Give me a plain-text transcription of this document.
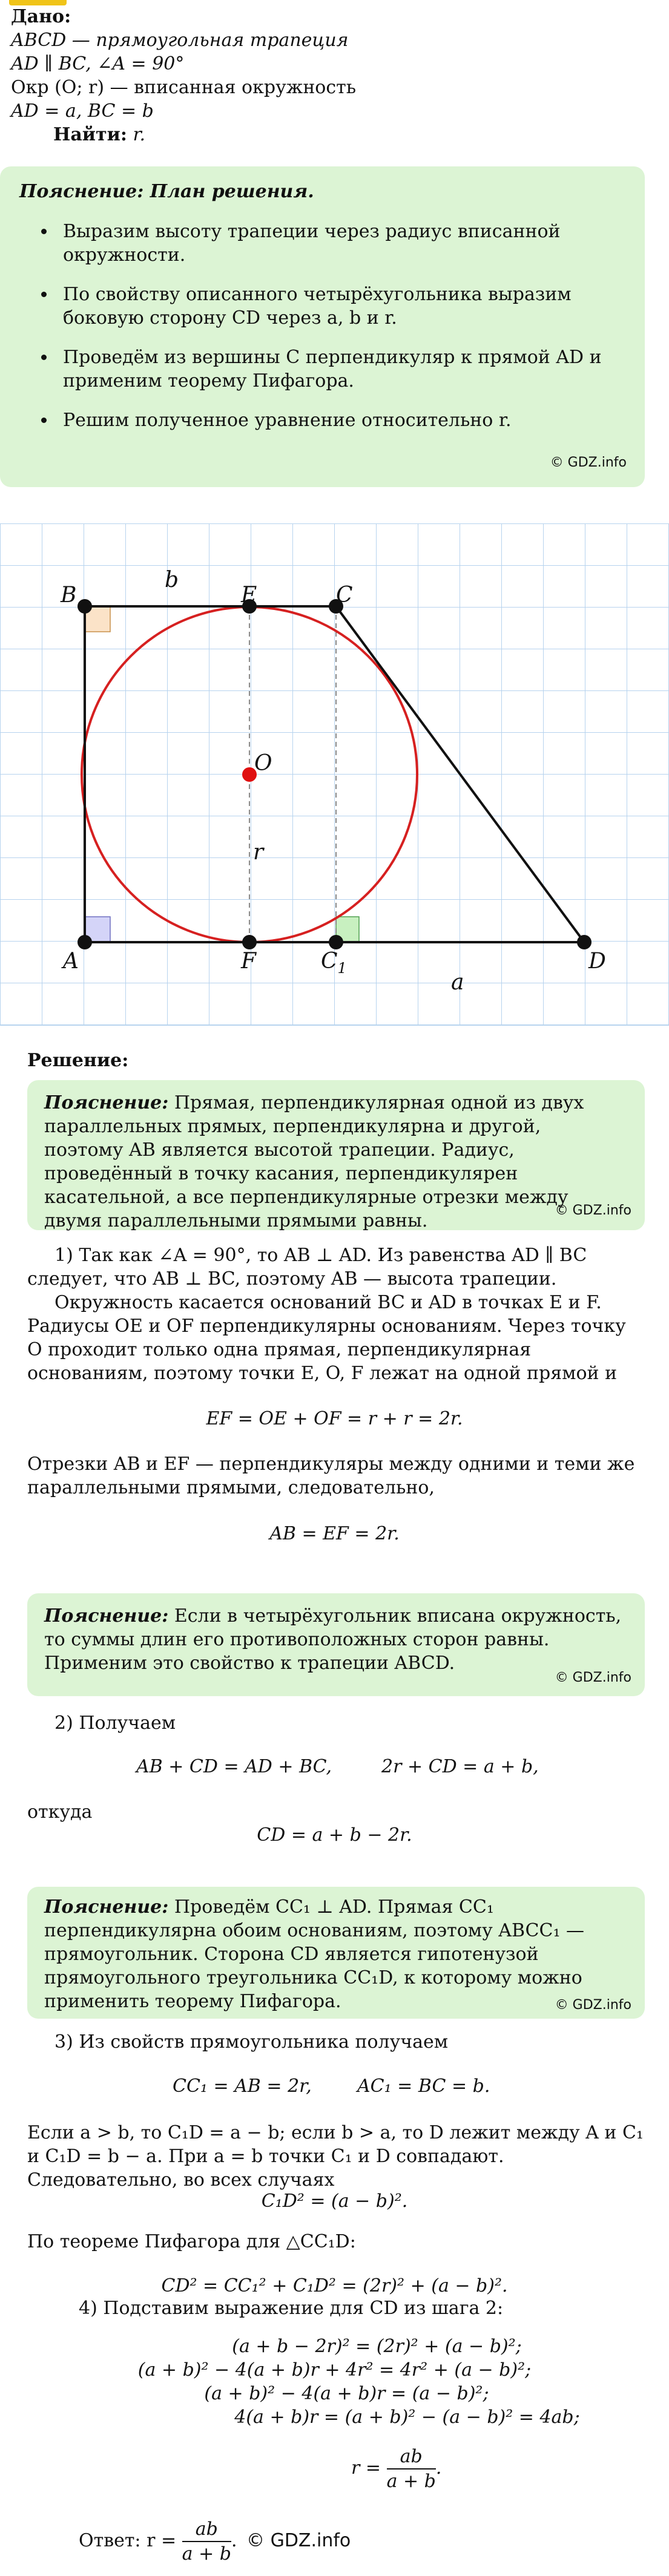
Дано:
ABCD — прямоугольная трапеция
AD ∥ BC, ∠A = 90°
Окр (O; r) — вписанная окружность
AD = a, BC = b
Найти: r.
Пояснение: План решения.
Выразим высоту трапеции через радиус вписанной окружности.
По свойству описанного четырёхугольника выразим боковую сторону CD через a, b и r.
Проведём из вершины C перпендикуляр к прямой AD и применим теорему Пифагора.
Решим полученное уравнение относительно r.
© GDZ.info
B	E	C
A	F	$C_1$	D
O
b
a
r
Решение:
Пояснение: Прямая, перпендикулярная одной из двух параллельных прямых, перпендикулярна и другой, поэтому AB является высотой трапеции. Радиус, проведённый в точку касания, перпендикулярен касательной, а все перпендикулярные отрезки между двумя параллельными прямыми равны.	© GDZ.info
1) Так как ∠A = 90°, то AB ⊥ AD. Из равенства AD ∥ BC следует, что AB ⊥ BC, поэтому AB — высота трапеции.
Окружность касается оснований BC и AD в точках E и F. Радиусы OE и OF перпендикулярны основаниям. Через точку O проходит только одна прямая, перпендикулярная основаниям, поэтому точки E, O, F лежат на одной прямой и
EF = OE + OF = r + r = 2r.
Отрезки AB и EF — перпендикуляры между одними и теми же параллельными прямыми, следовательно,
AB = EF = 2r.
Пояснение: Если в четырёхугольник вписана окружность, то суммы длин его противоположных сторон равны. Применим это свойство к трапеции ABCD.
© GDZ.info
2) Получаем
AB + CD = AD + BC,	2r + CD = a + b,
откуда
CD = a + b − 2r.
Пояснение: Проведём CC₁ ⊥ AD. Прямая CC₁ перпендикулярна обоим основаниям, поэтому ABCC₁ — прямоугольник. Сторона CD является гипотенузой прямоугольного треугольника CC₁D, к которому можно применить теорему Пифагора.	© GDZ.info
3) Из свойств прямоугольника получаем
CC₁ = AB = 2r,	AC₁ = BC = b.
Если a > b, то C₁D = a − b; если b > a, то D лежит между A и C₁ и C₁D = b − a. При a = b точки C₁ и D совпадают. Следовательно, во всех случаях
C₁D² = (a − b)².
По теореме Пифагора для △CC₁D:
CD² = CC₁² + C₁D² = (2r)² + (a − b)².
4) Подставим выражение для CD из шага 2:
(a + b − 2r)² = (2r)² + (a − b)²;
(a + b)² − 4(a + b)r + 4r² = 4r² + (a − b)²;
(a + b)² − 4(a + b)r = (a − b)²;
4(a + b)r = (a + b)² − (a − b)² = 4ab;
$r = \frac{ab}{a + b}$ .
Ответ: $r = \frac{ab}{a + b}$ . © GDZ.info
